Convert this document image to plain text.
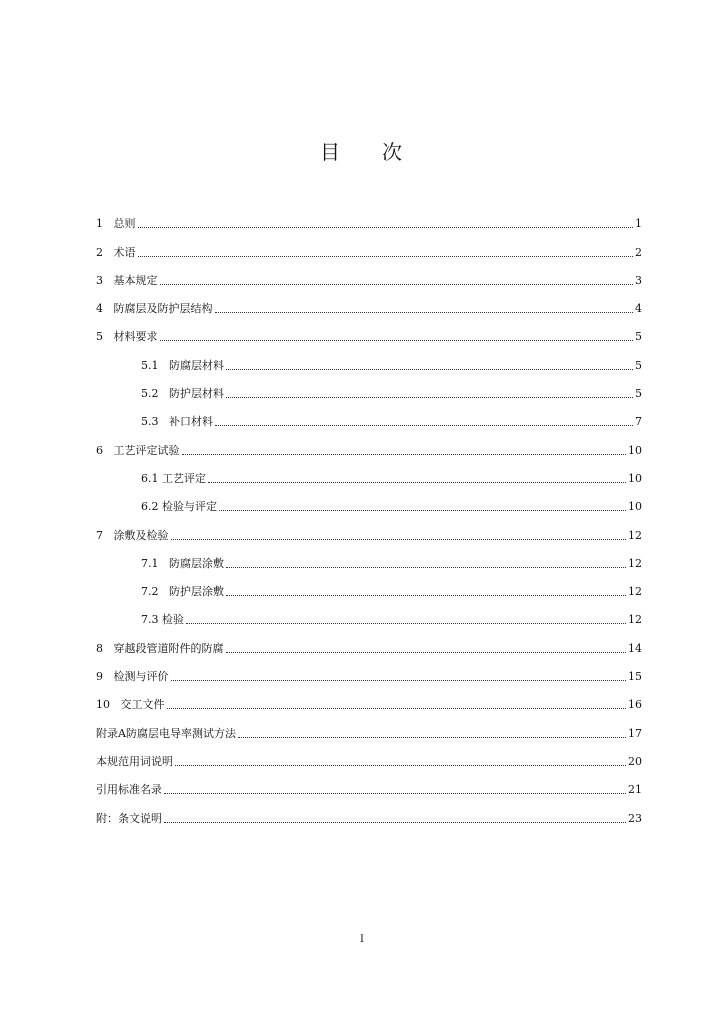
目 次
1 总则	1
2 术语	2
3 基本规定	3
4 防腐层及防护层结构	4
5 材料要求	5
5.1 防腐层材料	5
5.2 防护层材料	5
5.3 补口材料	7
6 工艺评定试验	10
6.1 工艺评定	10
6.2 检验与评定	10
7 涂敷及检验	12
7.1 防腐层涂敷	12
7.2 防护层涂敷	12
7.3 检验	12
8 穿越段管道附件的防腐	14
9 检测与评价	15
10 交工文件	16
附录A防腐层电导率测试方法	17
本规范用词说明	20
引用标准名录	21
附：条文说明	23
I
